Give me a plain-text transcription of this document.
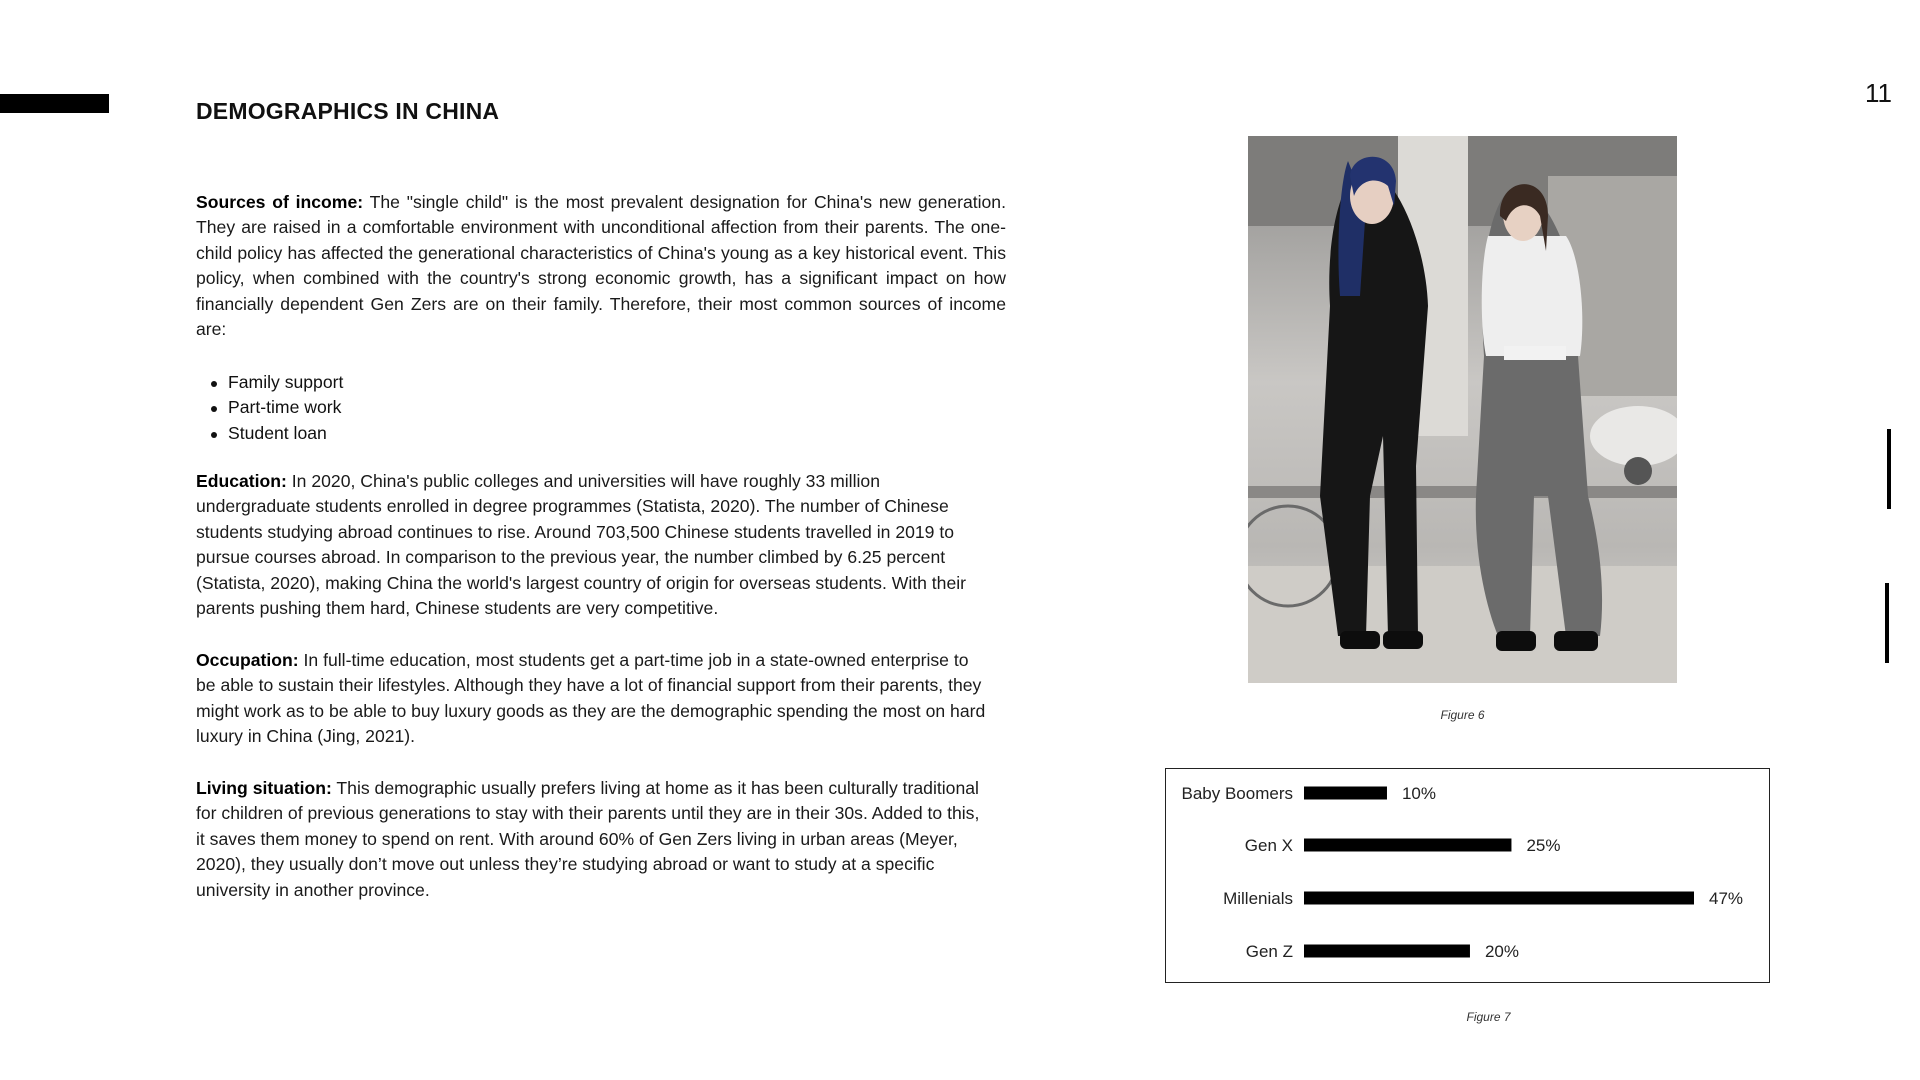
11
DEMOGRAPHICS IN CHINA

Sources of income: The "single child" is the most prevalent designation for China's new generation. They are raised in a comfortable environment with unconditional affection from their parents. The one-child policy has affected the generational characteristics of China's young as a key historical event. This policy, when combined with the country's strong economic growth, has a significant impact on how financially dependent Gen Zers are on their family. Therefore, their most common sources of income are:

Family support
Part-time work
Student loan

Education: In 2020, China's public colleges and universities will have roughly 33 million undergraduate students enrolled in degree programmes (Statista, 2020). The number of Chinese students studying abroad continues to rise. Around 703,500 Chinese students travelled in 2019 to pursue courses abroad. In comparison to the previous year, the number climbed by 6.25 percent (Statista, 2020), making China the world's largest country of origin for overseas students. With their parents pushing them hard, Chinese students are very competitive.

Occupation: In full-time education, most students get a part-time job in a state-owned enterprise to be able to sustain their lifestyles. Although they have a lot of financial support from their parents, they might work as to be able to buy luxury goods as they are the demographic spending the most on hard luxury in China (Jing, 2021).

Living situation: This demographic usually prefers living at home as it has been culturally traditional for children of previous generations to stay with their parents until they are in their 30s. Added to this, it saves them money to spend on rent. With around 60% of Gen Zers living in urban areas (Meyer, 2020), they usually don’t move out unless they’re studying abroad or want to study at a specific university in another province.

Figure 6
Baby Boomers	10%
Gen X	25%
Millenials	47%
Gen Z	20%
Figure 7
